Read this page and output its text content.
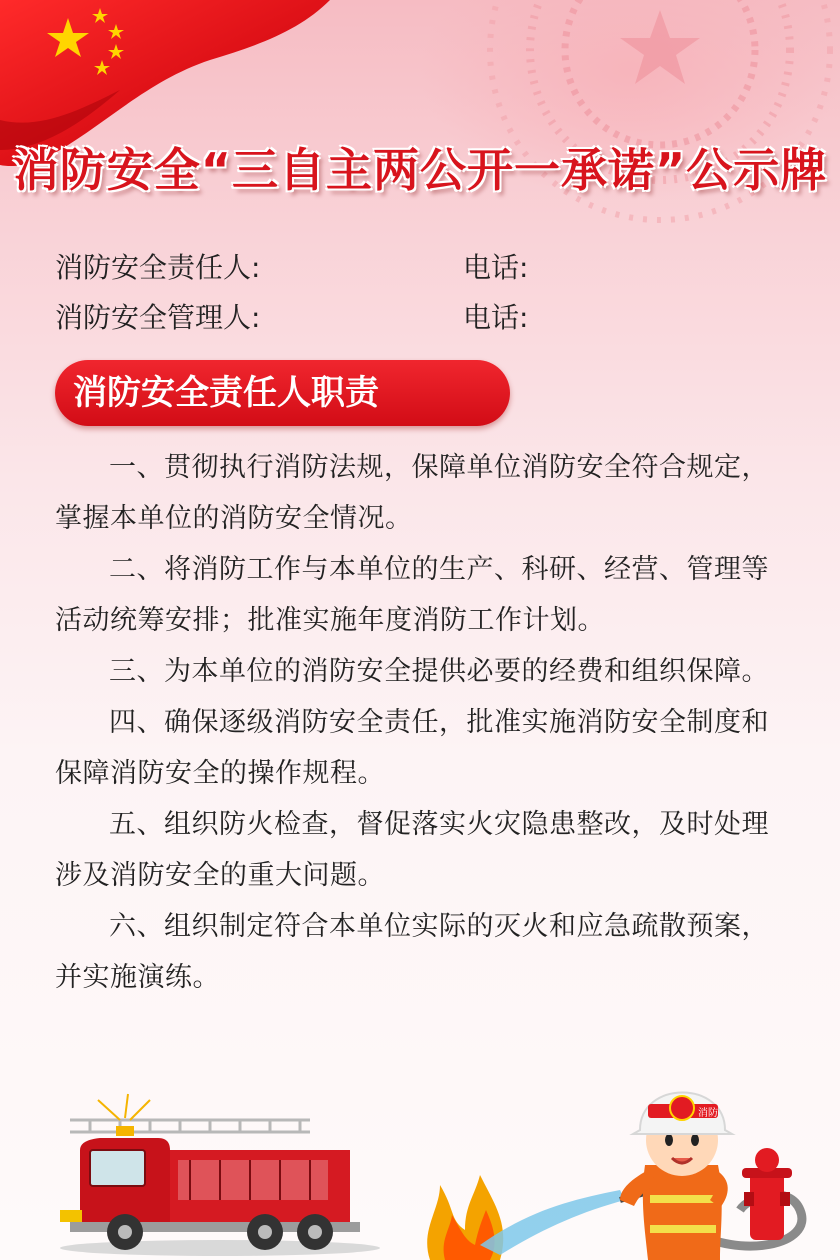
消防安全“三自主两公开一承诺”公示牌
消防安全责任人:	电话:
消防安全管理人:	电话:
消防安全责任人职责

一、贯彻执行消防法规，保障单位消防安全符合规定，掌握本单位的消防安全情况。

二、将消防工作与本单位的生产、科研、经营、管理等活动统筹安排；批准实施年度消防工作计划。

三、为本单位的消防安全提供必要的经费和组织保障。

四、确保逐级消防安全责任，批准实施消防安全制度和保障消防安全的操作规程。

五、组织防火检查，督促落实火灾隐患整改，及时处理涉及消防安全的重大问题。

六、组织制定符合本单位实际的灭火和应急疏散预案，并实施演练。

消防
